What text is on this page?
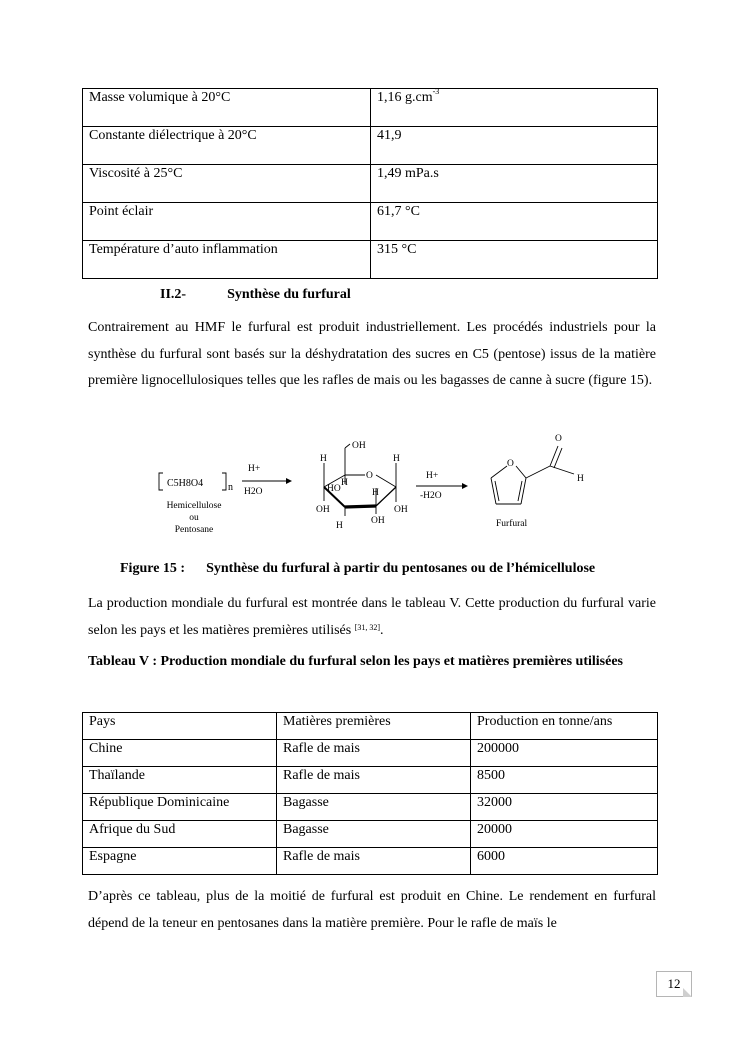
Masse volumique à 20°C	1,16 $g.cm^{-3}$
Constante diélectrique à 20°C	41,9
Viscosité à 25°C	1,49 mPa.s
Point éclair	61,7 °C
Température d’auto inflammation	315 °C
II.2-	Synthèse du furfural
Contrairement au HMF le furfural est produit industriellement. Les procédés industriels pour la synthèse du furfural sont basés sur la déshydratation des sucres en C5 (pentose) issus de la matière première lignocellulosiques telles que les rafles de mais ou les bagasses de canne à sucre (figure 15).
C5H8O4 n
Hemicellulose
ou
Pentosane
H+
H2O
OH
O
H	H
H
HO	H
OH	OH
OH
H
H+
-H2O
O
O
H
Furfural
Figure 15 : Synthèse du furfural à partir du pentosanes ou de l’hémicellulose
La production mondiale du furfural est montrée dans le tableau V. Cette production du furfural varie selon les pays et les matières premières utilisés [31, 32].
Tableau V : Production mondiale du furfural selon les pays et matières premières utilisées
Pays	Matières premières	Production en tonne/ans
Chine	Rafle de mais	200000
Thaïlande	Rafle de mais	8500
République Dominicaine	Bagasse	32000
Afrique du Sud	Bagasse	20000
Espagne	Rafle de mais	6000
D’après ce tableau, plus de la moitié de furfural est produit en Chine. Le rendement en furfural dépend de la teneur en pentosanes dans la matière première. Pour le rafle de maïs le
12
